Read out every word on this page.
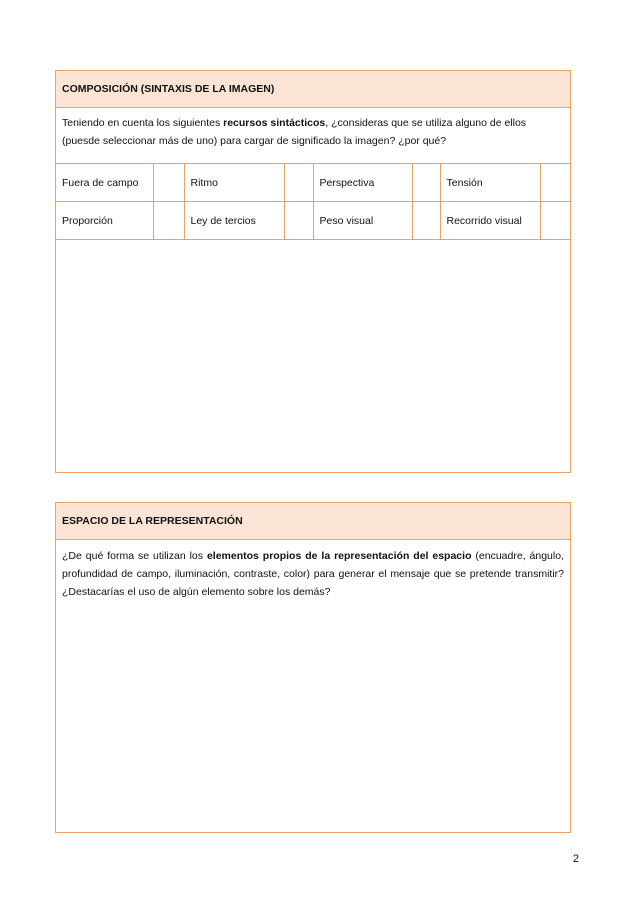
COMPOSICIÓN (SINTAXIS DE LA IMAGEN)
Teniendo en cuenta los siguientes recursos sintácticos, ¿consideras que se utiliza alguno de ellos (puesde seleccionar más de uno) para cargar de significado la imagen? ¿por qué?
Fuera de campo		Ritmo		Perspectiva		Tensión	
Proporción		Ley de tercios		Peso visual		Recorrido visual	
ESPACIO DE LA REPRESENTACIÓN
¿De qué forma se utilizan los elementos propios de la representación del espacio (encuadre, ángulo, profundidad de campo, iluminación, contraste, color) para generar el mensaje que se pretende transmitir? ¿Destacarías el uso de algún elemento sobre los demás?
2
